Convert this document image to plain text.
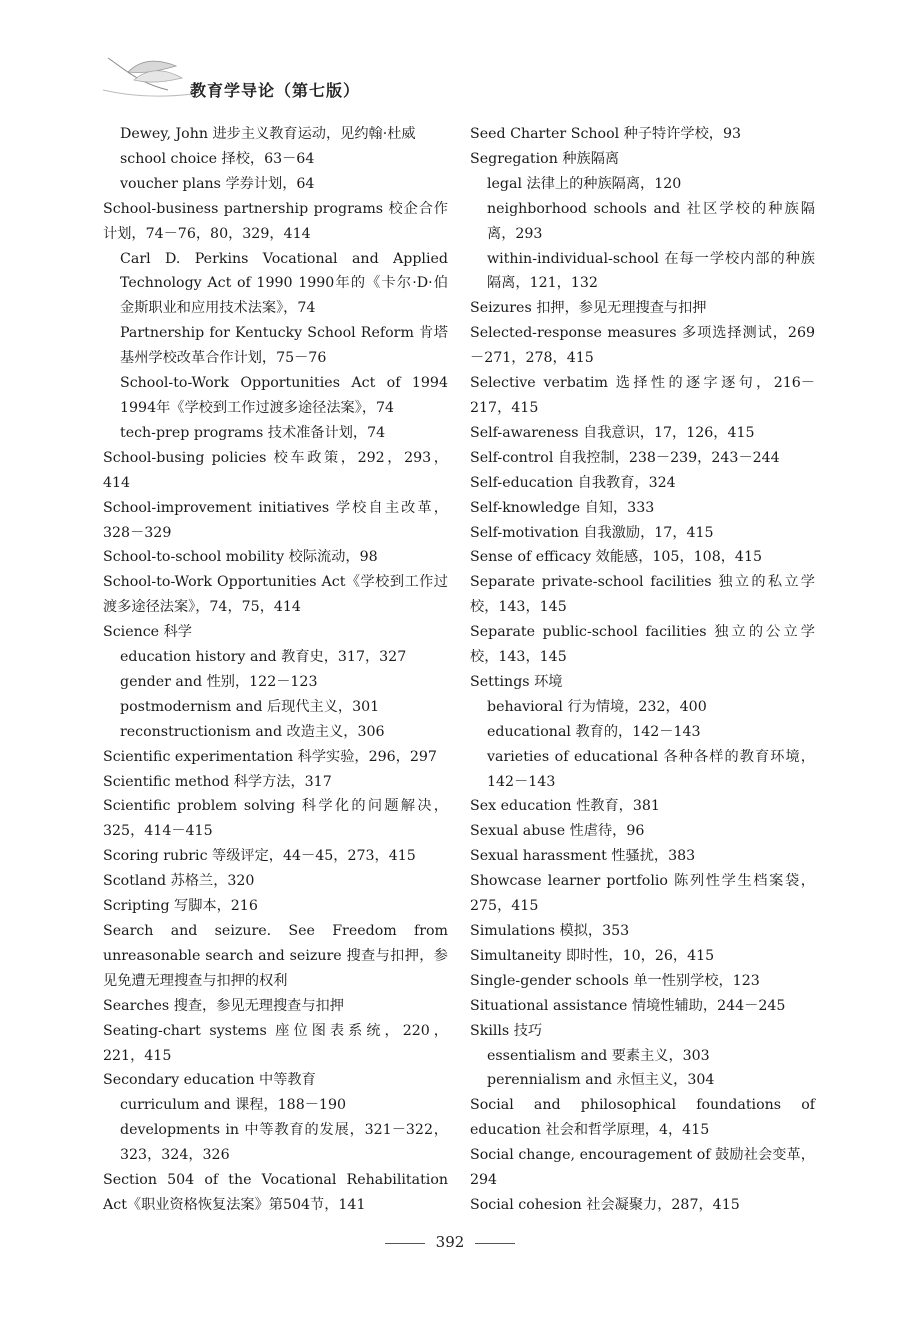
教育学导论（第七版）
Dewey, John 进步主义教育运动，见约翰·杜威
school choice 择校，63－64
voucher plans 学券计划，64
School-business partnership programs 校企合作计划，74－76，80，329，414
Carl D. Perkins Vocational and Applied Technology Act of 1990 1990年的《卡尔·D·伯金斯职业和应用技术法案》，74
Partnership for Kentucky School Reform 肯塔基州学校改革合作计划，75－76
School-to-Work Opportunities Act of 1994 1994年《学校到工作过渡多途径法案》，74
tech-prep programs 技术准备计划，74
School-busing policies 校车政策，292，293，414
School-improvement initiatives 学校自主改革，328－329
School-to-school mobility 校际流动，98
School-to-Work Opportunities Act《学校到工作过渡多途径法案》，74，75，414
Science 科学
education history and 教育史，317，327
gender and 性别，122－123
postmodernism and 后现代主义，301
reconstructionism and 改造主义，306
Scientific experimentation 科学实验，296，297
Scientific method 科学方法，317
Scientific problem solving 科学化的问题解决，325，414－415
Scoring rubric 等级评定，44－45，273，415
Scotland 苏格兰，320
Scripting 写脚本，216
Search and seizure. See Freedom from unreasonable search and seizure 搜查与扣押，参见免遭无理搜查与扣押的权利
Searches 搜查，参见无理搜查与扣押
Seating-chart systems 座位图表系统，220，221，415
Secondary education 中等教育
curriculum and 课程，188－190
developments in 中等教育的发展，321－322，323，324，326
Section 504 of the Vocational Rehabilitation Act《职业资格恢复法案》第504节，141
Seed Charter School 种子特许学校，93
Segregation 种族隔离
legal 法律上的种族隔离，120
neighborhood schools and 社区学校的种族隔离，293
within-individual-school 在每一学校内部的种族隔离，121，132
Seizures 扣押，参见无理搜查与扣押
Selected-response measures 多项选择测试，269－271，278，415
Selective verbatim 选择性的逐字逐句，216－217，415
Self-awareness 自我意识，17，126，415
Self-control 自我控制，238－239，243－244
Self-education 自我教育，324
Self-knowledge 自知，333
Self-motivation 自我激励，17，415
Sense of efficacy 效能感，105，108，415
Separate private-school facilities 独立的私立学校，143，145
Separate public-school facilities 独立的公立学校，143，145
Settings 环境
behavioral 行为情境，232，400
educational 教育的，142－143
varieties of educational 各种各样的教育环境，142－143
Sex education 性教育，381
Sexual abuse 性虐待，96
Sexual harassment 性骚扰，383
Showcase learner portfolio 陈列性学生档案袋，275，415
Simulations 模拟，353
Simultaneity 即时性，10，26，415
Single-gender schools 单一性别学校，123
Situational assistance 情境性辅助，244－245
Skills 技巧
essentialism and 要素主义，303
perennialism and 永恒主义，304
Social and philosophical foundations of education 社会和哲学原理，4，415
Social change, encouragement of 鼓励社会变革，294
Social cohesion 社会凝聚力，287，415
392
